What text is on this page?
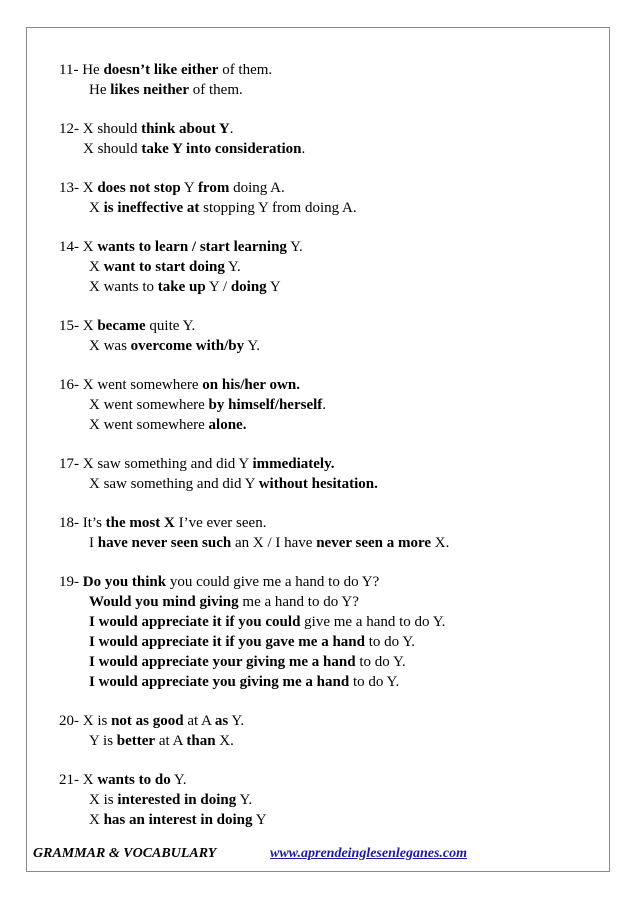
11- He doesn’t like either of them.
He likes neither of them.
12- X should think about Y.
X should take Y into consideration.
13- X does not stop Y from doing A.
X is ineffective at stopping Y from doing A.
14- X wants to learn / start learning Y.
X want to start doing Y.
X wants to take up Y / doing Y
15- X became quite Y.
X was overcome with/by Y.
16- X went somewhere on his/her own.
X went somewhere by himself/herself.
X went somewhere alone.
17- X saw something and did Y immediately.
X saw something and did Y without hesitation.
18- It’s the most X I’ve ever seen.
I have never seen such an X / I have never seen a more X.
19- Do you think you could give me a hand to do Y?
Would you mind giving me a hand to do Y?
I would appreciate it if you could give me a hand to do Y.
I would appreciate it if you gave me a hand to do Y.
I would appreciate your giving me a hand to do Y.
I would appreciate you giving me a hand to do Y.
20- X is not as good at A as Y.
Y is better at A than X.
21- X wants to do Y.
X is interested in doing Y.
X has an interest in doing Y
GRAMMAR & VOCABULARY	www.aprendeinglesenleganes.com
